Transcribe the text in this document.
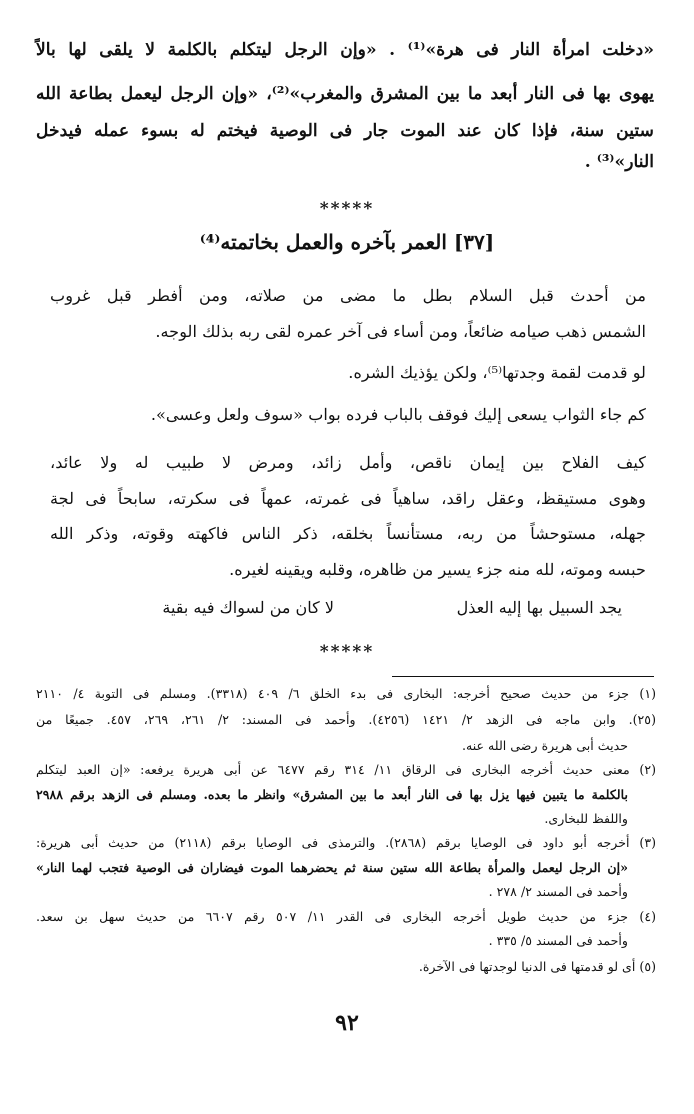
«دخلت امرأة النار فى هرة»⁽¹⁾ . «وإن الرجل ليتكلم بالكلمة لا يلقى لها بالاً
يهوى بها فى النار أبعد ما بين المشرق والمغرب»⁽²⁾، «وإن الرجل ليعمل بطاعة الله
ستين سنة، فإذا كان عند الموت جار فى الوصية فيختم له بسوء عمله فيدخل
النار»⁽³⁾ .
*****
[٣٧] العمر بآخره والعمل بخاتمته⁽⁴⁾
من أحدث قبل السلام بطل ما مضى من صلاته، ومن أفطر قبل غروب
الشمس ذهب صيامه ضائعاً، ومن أساء فى آخر عمره لقى ربه بذلك الوجه.
لو قدمت لقمة وجدتها⁽⁵⁾، ولكن يؤذيك الشره.
كم جاء الثواب يسعى إليك فوقف بالباب فرده بواب «سوف ولعل وعسى».
كيف الفلاح بين إيمان ناقص، وأمل زائد، ومرض لا طبيب له ولا عائد،
وهوى مستيقظ، وعقل راقد، ساهياً فى غمرته، عمهاً فى سكرته، سابحاً فى لجة
جهله، مستوحشاً من ربه، مستأنساً بخلقه، ذكر الناس فاكهته وقوته، وذكر الله
حبسه وموته، لله منه جزء يسير من ظاهره، وقلبه ويقينه لغيره.
لا كان من لسواك فيه بقية	يجد السبيل بها إليه العذل
*****
(١) جزء من حديث صحيح أخرجه: البخارى فى بدء الخلق ٦/ ٤٠٩ (٣٣١٨). ومسلم فى التوبة ٤/ ٢١١٠
(٢٥). وابن ماجه فى الزهد ٢/ ١٤٢١ (٤٢٥٦). وأحمد فى المسند: ٢/ ٢٦١، ٢٦٩، ٤٥٧. جميعًا من
حديث أبى هريرة رضى الله عنه.
(٢) معنى حديث أخرجه البخارى فى الرقاق ١١/ ٣١٤ رقم ٦٤٧٧ عن أبى هريرة يرفعه: «إن العبد ليتكلم
بالكلمة ما يتبين فيها يزل بها فى النار أبعد ما بين المشرق» وانظر ما بعده. ومسلم فى الزهد برقم ٢٩٨٨
واللفظ للبخارى.
(٣) أخرجه أبو داود فى الوصايا برقم (٢٨٦٨). والترمذى فى الوصايا برقم (٢١١٨) من حديث أبى هريرة:
«إن الرجل ليعمل والمرأة بطاعة الله ستين سنة ثم يحضرهما الموت فيضاران فى الوصية فتجب لهما النار»
وأحمد فى المسند ٢/ ٢٧٨ .
(٤) جزء من حديث طويل أخرجه البخارى فى القدر ١١/ ٥٠٧ رقم ٦٦٠٧ من حديث سهل بن سعد.
وأحمد فى المسند ٥/ ٣٣٥ .
(٥) أى لو قدمتها فى الدنيا لوجدتها فى الآخرة.
٩٢
